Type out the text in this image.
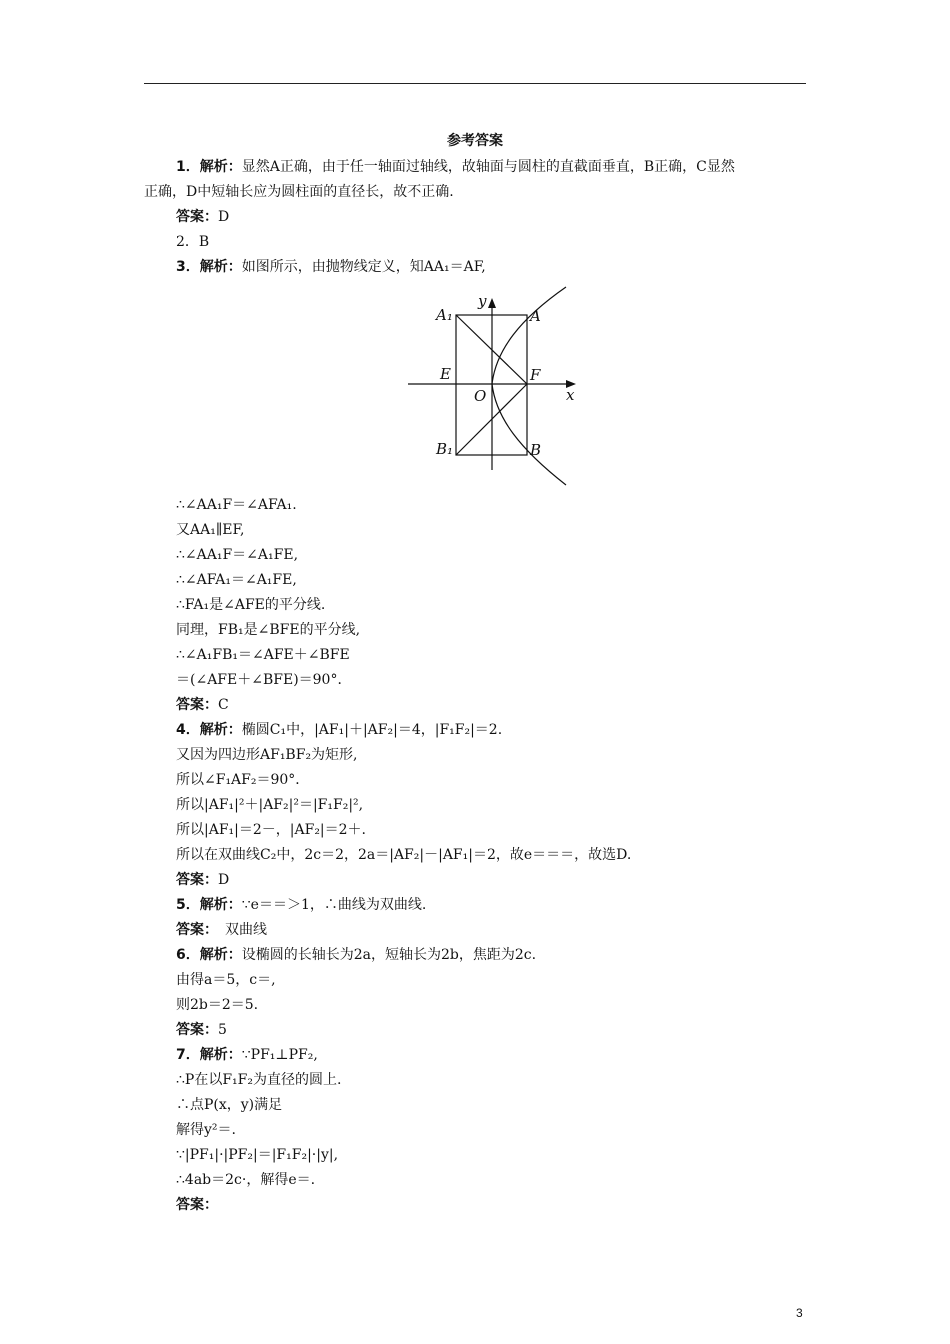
参考答案
1．解析：显然A正确，由于任一轴面过轴线，故轴面与圆柱的直截面垂直，B正确，C显然
正确，D中短轴长应为圆柱面的直径长，故不正确.
答案：D
2．B
3．解析：如图所示，由抛物线定义，知AA₁＝AF,
∴∠AA₁F＝∠AFA₁.
又AA₁∥EF,
∴∠AA₁F＝∠A₁FE,
∴∠AFA₁＝∠A₁FE,
∴FA₁是∠AFE的平分线.
同理，FB₁是∠BFE的平分线,
∴∠A₁FB₁＝∠AFE＋∠BFE
＝(∠AFE＋∠BFE)＝90°．
答案：C
4．解析：椭圆C₁中，|AF₁|＋|AF₂|＝4，|F₁F₂|＝2.
又因为四边形AF₁BF₂为矩形,
所以∠F₁AF₂＝90°．
所以|AF₁|²＋|AF₂|²＝|F₁F₂|²,
所以|AF₁|＝2－，|AF₂|＝2＋.
所以在双曲线C₂中，2c＝2，2a＝|AF₂|－|AF₁|＝2，故e＝＝＝，故选D.
答案：D
5．解析：∵e＝＝＞1，∴曲线为双曲线.
答案：　双曲线
6．解析：设椭圆的长轴长为2a，短轴长为2b，焦距为2c.
由得a＝5，c＝,
则2b＝2＝5.
答案：5
7．解析：∵PF₁⊥PF₂,
∴P在以F₁F₂为直径的圆上.
∴点P(x，y)满足
解得y²＝.
∵|PF₁|·|PF₂|＝|F₁F₂|·|y|,
∴4ab＝2c·，解得e＝.
答案：
A₁	A
E	F
O	x
y
B₁	B
3
